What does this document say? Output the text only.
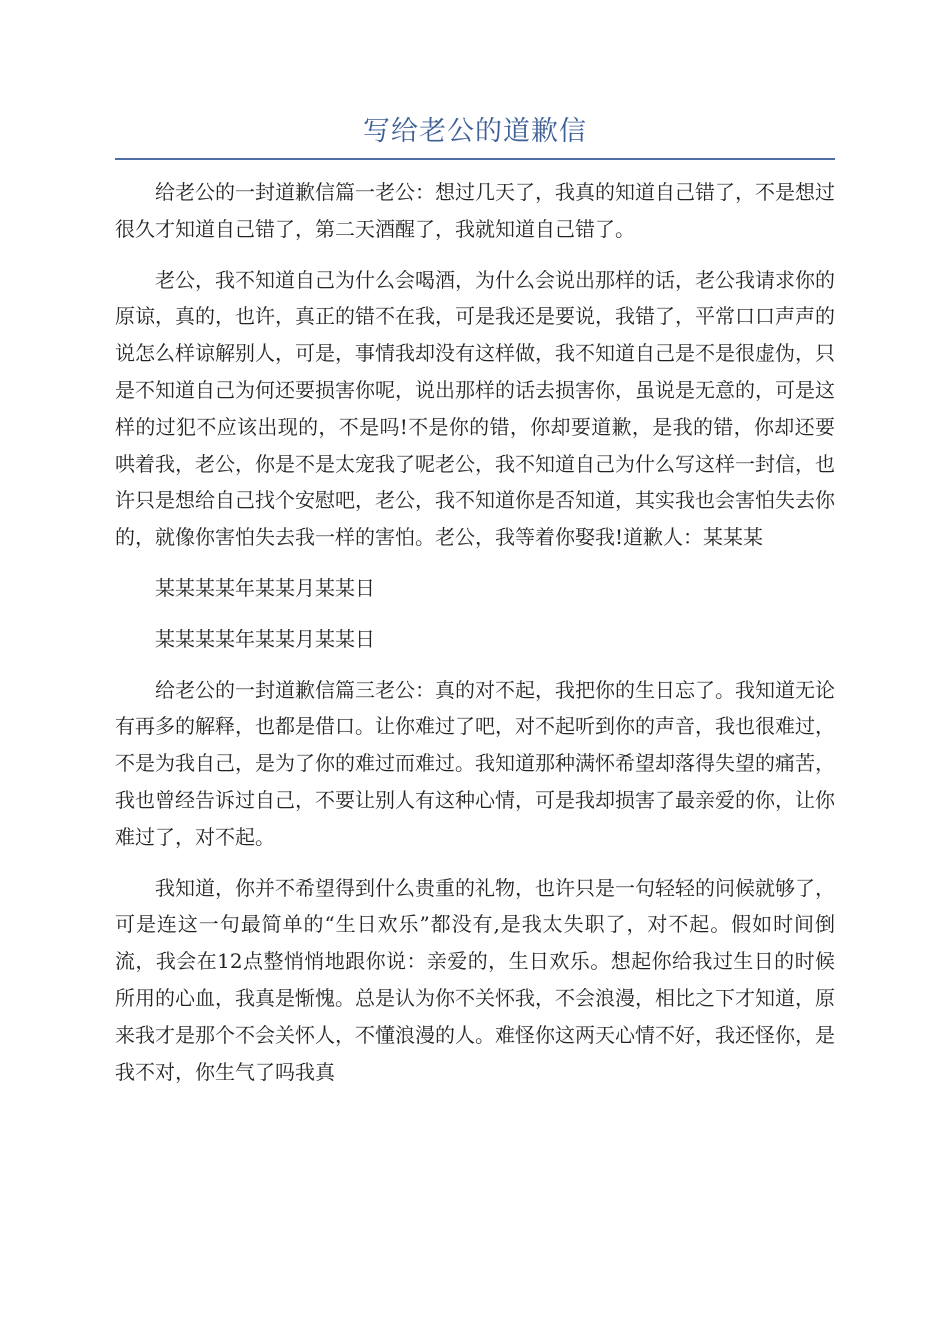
写给老公的道歉信

给老公的一封道歉信篇一老公：想过几天了，我真的知道自己错了，不是想过很久才知道自己错了，第二天酒醒了，我就知道自己错了。

老公，我不知道自己为什么会喝酒，为什么会说出那样的话，老公我请求你的原谅，真的，也许，真正的错不在我，可是我还是要说，我错了，平常口口声声的说怎么样谅解别人，可是，事情我却没有这样做，我不知道自己是不是很虚伪，只是不知道自己为何还要损害你呢，说出那样的话去损害你，虽说是无意的，可是这样的过犯不应该出现的，不是吗!不是你的错，你却要道歉，是我的错，你却还要哄着我，老公，你是不是太宠我了呢老公，我不知道自己为什么写这样一封信，也许只是想给自己找个安慰吧，老公，我不知道你是否知道，其实我也会害怕失去你的，就像你害怕失去我一样的害怕。老公，我等着你娶我!道歉人：某某某

某某某某年某某月某某日

某某某某年某某月某某日

给老公的一封道歉信篇三老公：真的对不起，我把你的生日忘了。我知道无论有再多的解释，也都是借口。让你难过了吧，对不起听到你的声音，我也很难过，不是为我自己，是为了你的难过而难过。我知道那种满怀希望却落得失望的痛苦，我也曾经告诉过自己，不要让别人有这种心情，可是我却损害了最亲爱的你，让你难过了，对不起。

我知道，你并不希望得到什么贵重的礼物，也许只是一句轻轻的问候就够了，可是连这一句最简单的“生日欢乐”都没有,是我太失职了，对不起。假如时间倒流，我会在12点整悄悄地跟你说：亲爱的，生日欢乐。想起你给我过生日的时候所用的心血，我真是惭愧。总是认为你不关怀我，不会浪漫，相比之下才知道，原来我才是那个不会关怀人，不懂浪漫的人。难怪你这两天心情不好，我还怪你，是我不对，你生气了吗我真
